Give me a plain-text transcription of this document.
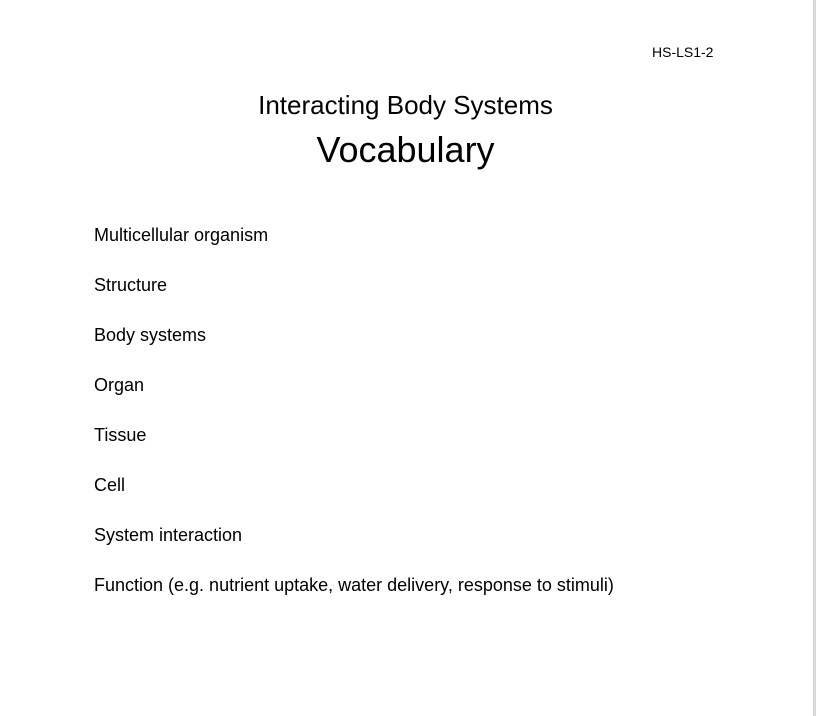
HS-LS1-2
Interacting Body Systems
Vocabulary
Multicellular organism
Structure
Body systems
Organ
Tissue
Cell
System interaction
Function (e.g. nutrient uptake, water delivery, response to stimuli)
